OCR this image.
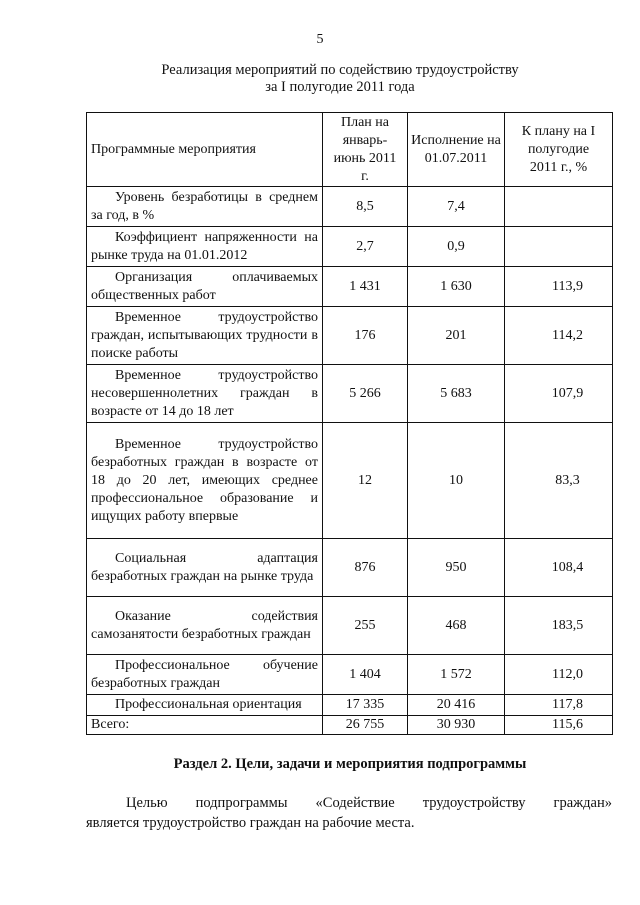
5
Реализация мероприятий по содействию трудоустройству
за I полугодие 2011 года
Программные мероприятия	План на январь-июнь 2011 г.	Исполнение на 01.07.2011	К плану на I полугодие 2011 г., %
Уровень безработицы в среднем за год, в %	8,5	7,4	
Коэффициент напряженности на рынке труда на 01.01.2012	2,7	0,9	
Организация оплачиваемых общественных работ	1 431	1 630	113,9
Временное трудоустройство граждан, испытывающих трудности в поиске работы	176	201	114,2
Временное трудоустройство несовершеннолетних граждан в возрасте от 14 до 18 лет	5 266	5 683	107,9
Временное трудоустройство безработных граждан в возрасте от 18 до 20 лет, имеющих среднее профессиональное образование и ищущих работу впервые	12	10	83,3
Социальная адаптация безработных граждан на рынке труда	876	950	108,4
Оказание содействия самозанятости безработных граждан	255	468	183,5
Профессиональное обучение безработных граждан	1 404	1 572	112,0
Профессиональная ориентация	17 335	20 416	117,8
Всего:	26 755	30 930	115,6
Раздел 2. Цели, задачи и мероприятия подпрограммы
Целью подпрограммы «Содействие трудоустройству граждан»
является трудоустройство граждан на рабочие места.
